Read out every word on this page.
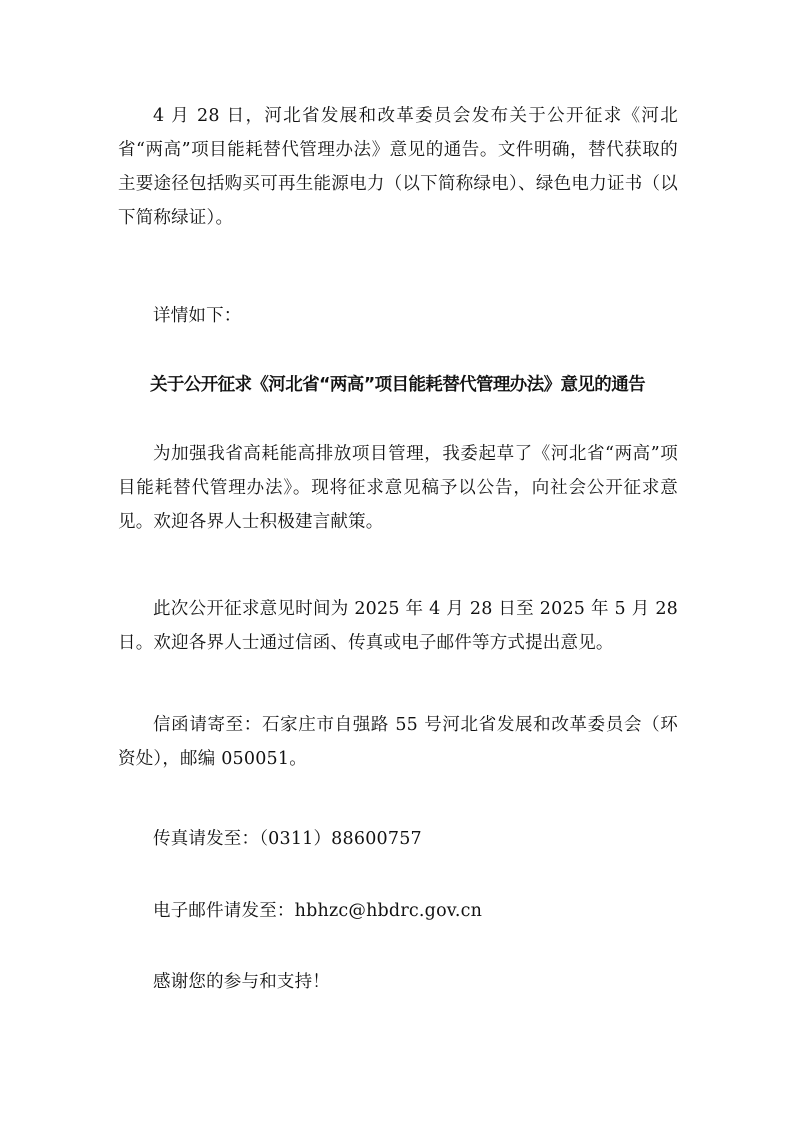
4 月 28 日，河北省发展和改革委员会发布关于公开征求《河北省“两高”项目能耗替代管理办法》意见的通告。文件明确，替代获取的主要途径包括购买可再生能源电力（以下简称绿电）、绿色电力证书（以下简称绿证）。

详情如下：

关于公开征求《河北省“两高”项目能耗替代管理办法》意见的通告

为加强我省高耗能高排放项目管理，我委起草了《河北省“两高”项目能耗替代管理办法》。现将征求意见稿予以公告，向社会公开征求意见。欢迎各界人士积极建言献策。

此次公开征求意见时间为 2025 年 4 月 28 日至 2025 年 5 月 28 日。欢迎各界人士通过信函、传真或电子邮件等方式提出意见。

信函请寄至：石家庄市自强路 55 号河北省发展和改革委员会（环资处），邮编 050051。

传真请发至：（0311）88600757

电子邮件请发至：hbhzc@hbdrc.gov.cn

感谢您的参与和支持！
